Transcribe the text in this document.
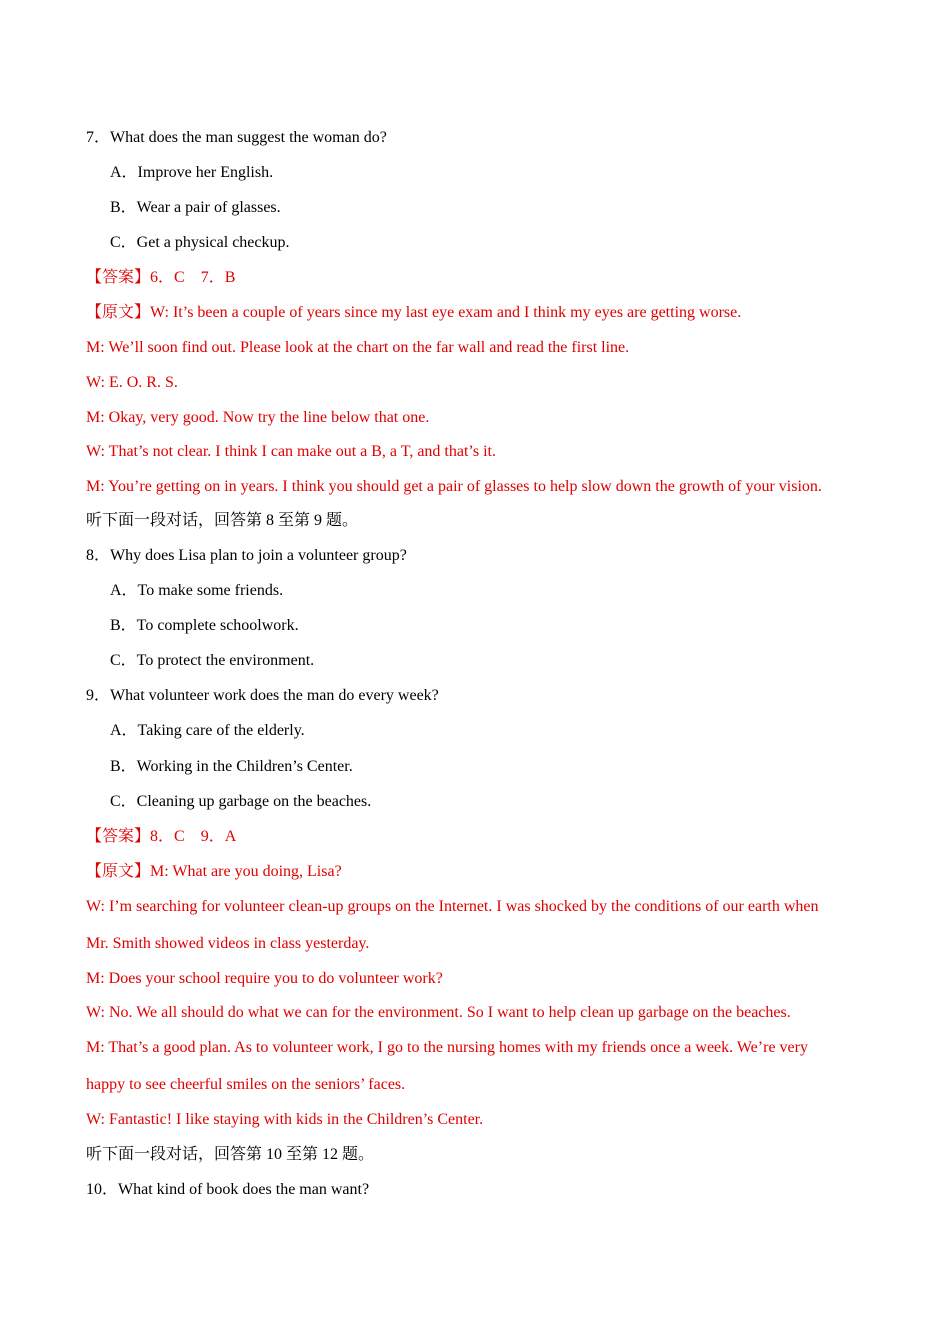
7．What does the man suggest the woman do?
A．Improve her English.
B．Wear a pair of glasses.
C．Get a physical checkup.
【答案】6．C　7．B
【原文】W: It’s been a couple of years since my last eye exam and I think my eyes are getting worse.
M: We’ll soon find out. Please look at the chart on the far wall and read the first line.
W: E. O. R. S.
M: Okay, very good. Now try the line below that one.
W: That’s not clear. I think I can make out a B, a T, and that’s it.
M: You’re getting on in years. I think you should get a pair of glasses to help slow down the growth of your vision.
听下面一段对话，回答第 8 至第 9 题。
8．Why does Lisa plan to join a volunteer group?
A．To make some friends.
B．To complete schoolwork.
C．To protect the environment.
9．What volunteer work does the man do every week?
A．Taking care of the elderly.
B．Working in the Children’s Center.
C．Cleaning up garbage on the beaches.
【答案】8．C　9．A
【原文】M: What are you doing, Lisa?
W: I’m searching for volunteer clean-up groups on the Internet. I was shocked by the conditions of our earth when
Mr. Smith showed videos in class yesterday.
M: Does your school require you to do volunteer work?
W: No. We all should do what we can for the environment. So I want to help clean up garbage on the beaches.
M: That’s a good plan. As to volunteer work, I go to the nursing homes with my friends once a week. We’re very
happy to see cheerful smiles on the seniors’ faces.
W: Fantastic! I like staying with kids in the Children’s Center.
听下面一段对话，回答第 10 至第 12 题。
10．What kind of book does the man want?
